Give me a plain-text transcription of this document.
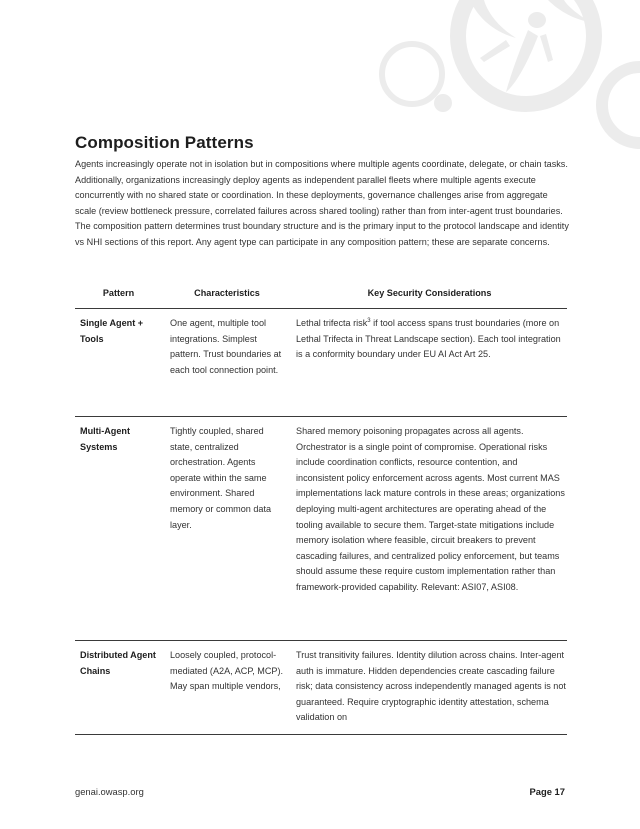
Composition Patterns

Agents increasingly operate not in isolation but in compositions where multiple agents coordinate, delegate, or chain tasks. Additionally, organizations increasingly deploy agents as independent parallel fleets where multiple agents execute concurrently with no shared state or coordination. In these deployments, governance challenges arise from aggregate scale (review bottleneck pressure, correlated failures across shared tooling) rather than from inter-agent trust boundaries. The composition pattern determines trust boundary structure and is the primary input to the protocol landscape and identity vs NHI sections of this report. Any agent type can participate in any composition pattern; these are separate concerns.

Pattern	Characteristics	Key Security Considerations
Single Agent + Tools	One agent, multiple tool integrations. Simplest pattern. Trust boundaries at each tool connection point.	Lethal trifecta risk$^3$ if tool access spans trust boundaries (more on Lethal Trifecta in Threat Landscape section). Each tool integration is a conformity boundary under EU AI Act Art 25.
Multi-Agent Systems	Tightly coupled, shared state, centralized orchestration. Agents operate within the same environment. Shared memory or common data layer.	Shared memory poisoning propagates across all agents. Orchestrator is a single point of compromise. Operational risks include coordination conflicts, resource contention, and inconsistent policy enforcement across agents. Most current MAS implementations lack mature controls in these areas; organizations deploying multi-agent architectures are operating ahead of the tooling available to secure them. Target-state mitigations include memory isolation where feasible, circuit breakers to prevent cascading failures, and centralized policy enforcement, but teams should assume these require custom implementation rather than framework-provided capability. Relevant: ASI07, ASI08.
Distributed Agent Chains	Loosely coupled, protocol-mediated (A2A, ACP, MCP). May span multiple vendors,	Trust transitivity failures. Identity dilution across chains. Inter-agent auth is immature. Hidden dependencies create cascading failure risk; data consistency across independently managed agents is not guaranteed. Require cryptographic identity attestation, schema validation on
genai.owasp.org	Page 17
